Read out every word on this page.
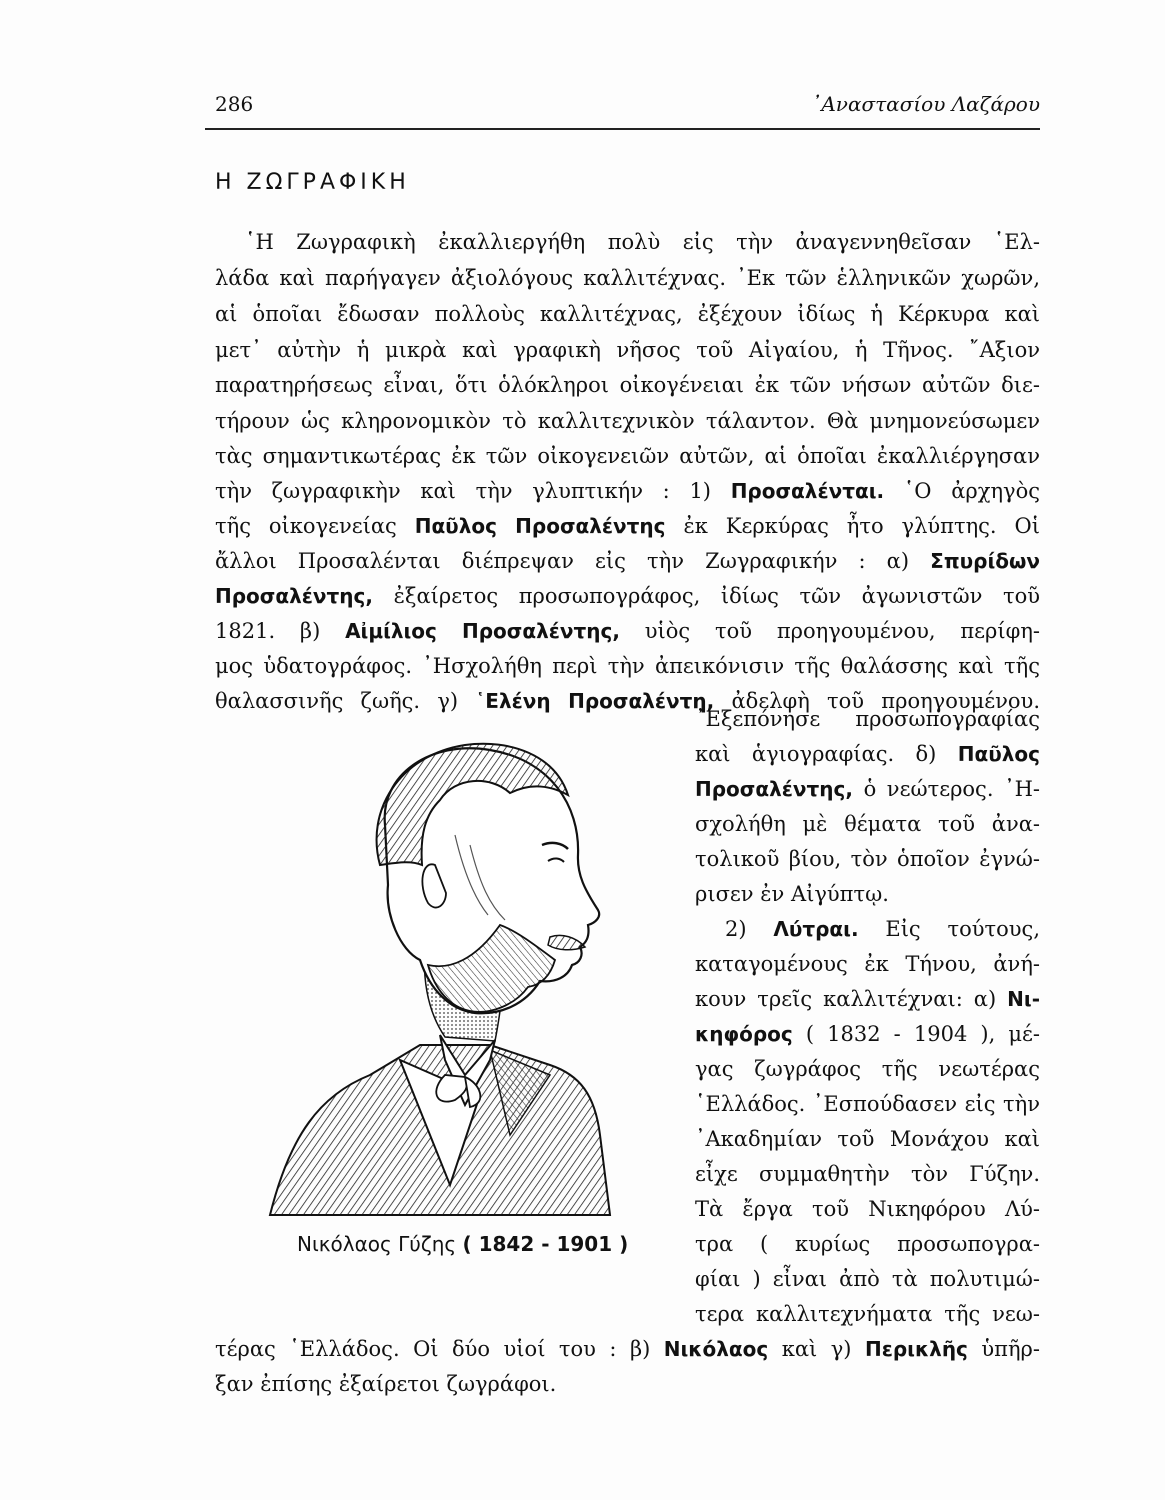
286	᾿Αναστασίου Λαζάρου
Η ΖΩΓΡΑΦΙΚΗ
῾Η Ζωγραφικὴ ἐκαλλιεργήθη πολὺ εἰς τὴν ἀναγεννηθεῖσαν ῾Ελ-
λάδα καὶ παρήγαγεν ἀξιολόγους καλλιτέχνας. ᾿Εκ τῶν ἑλληνικῶν χωρῶν,
αἱ ὁποῖαι ἔδωσαν πολλοὺς καλλιτέχνας, ἐξέχουν ἰδίως ἡ Κέρκυρα καὶ
μετ᾿ αὐτὴν ἡ μικρὰ καὶ γραφικὴ νῆσος τοῦ Αἰγαίου, ἡ Τῆνος. ῎Αξιον
παρατηρήσεως εἶναι, ὅτι ὁλόκληροι οἰκογένειαι ἐκ τῶν νήσων αὐτῶν διε-
τήρουν ὡς κληρονομικὸν τὸ καλλιτεχνικὸν τάλαντον. Θὰ μνημονεύσωμεν
τὰς σημαντικωτέρας ἐκ τῶν οἰκογενειῶν αὐτῶν, αἱ ὁποῖαι ἐκαλλιέργησαν
τὴν ζωγραφικὴν καὶ τὴν γλυπτικήν : 1) Προσαλένται. ῾Ο ἀρχηγὸς
τῆς οἰκογενείας Παῦλος Προσαλέντης ἐκ Κερκύρας ἦτο γλύπτης. Οἱ
ἄλλοι Προσαλένται διέπρεψαν εἰς τὴν Ζωγραφικήν : α) Σπυρίδων
Προσαλέντης, ἐξαίρετος προσωπογράφος, ἰδίως τῶν ἀγωνιστῶν τοῦ
1821. β) Αἰμίλιος Προσαλέντης, υἱὸς τοῦ προηγουμένου, περίφη-
μος ὑδατογράφος. ᾿Ησχολήθη περὶ τὴν ἀπεικόνισιν τῆς θαλάσσης καὶ τῆς
θαλασσινῆς ζωῆς. γ) ῾Ελένη Προσαλέντη, ἀδελφὴ τοῦ προηγουμένου.
Νικόλαος Γύζης ( 1842 - 1901 )
᾿Εξεπόνησε προσωπογραφίας
καὶ ἁγιογραφίας. δ) Παῦλος
Προσαλέντης, ὁ νεώτερος. ᾿Η-
σχολήθη μὲ θέματα τοῦ ἀνα-
τολικοῦ βίου, τὸν ὁποῖον ἐγνώ-
ρισεν ἐν Αἰγύπτῳ.
2) Λύτραι. Εἰς τούτους,
καταγομένους ἐκ Τήνου, ἀνή-
κουν τρεῖς καλλιτέχναι: α) Νι-
κηφόρος ( 1832 - 1904 ), μέ-
γας ζωγράφος τῆς νεωτέρας
῾Ελλάδος. ᾿Εσπούδασεν εἰς τὴν
᾿Ακαδημίαν τοῦ Μονάχου καὶ
εἶχε συμμαθητὴν τὸν Γύζην.
Τὰ ἔργα τοῦ Νικηφόρου Λύ-
τρα ( κυρίως προσωπογρα-
φίαι ) εἶναι ἀπὸ τὰ πολυτιμώ-
τερα καλλιτεχνήματα τῆς νεω-
τέρας ῾Ελλάδος. Οἱ δύο υἱοί του : β) Νικόλαος καὶ γ) Περικλῆς ὑπῆρ-
ξαν ἐπίσης ἐξαίρετοι ζωγράφοι.
